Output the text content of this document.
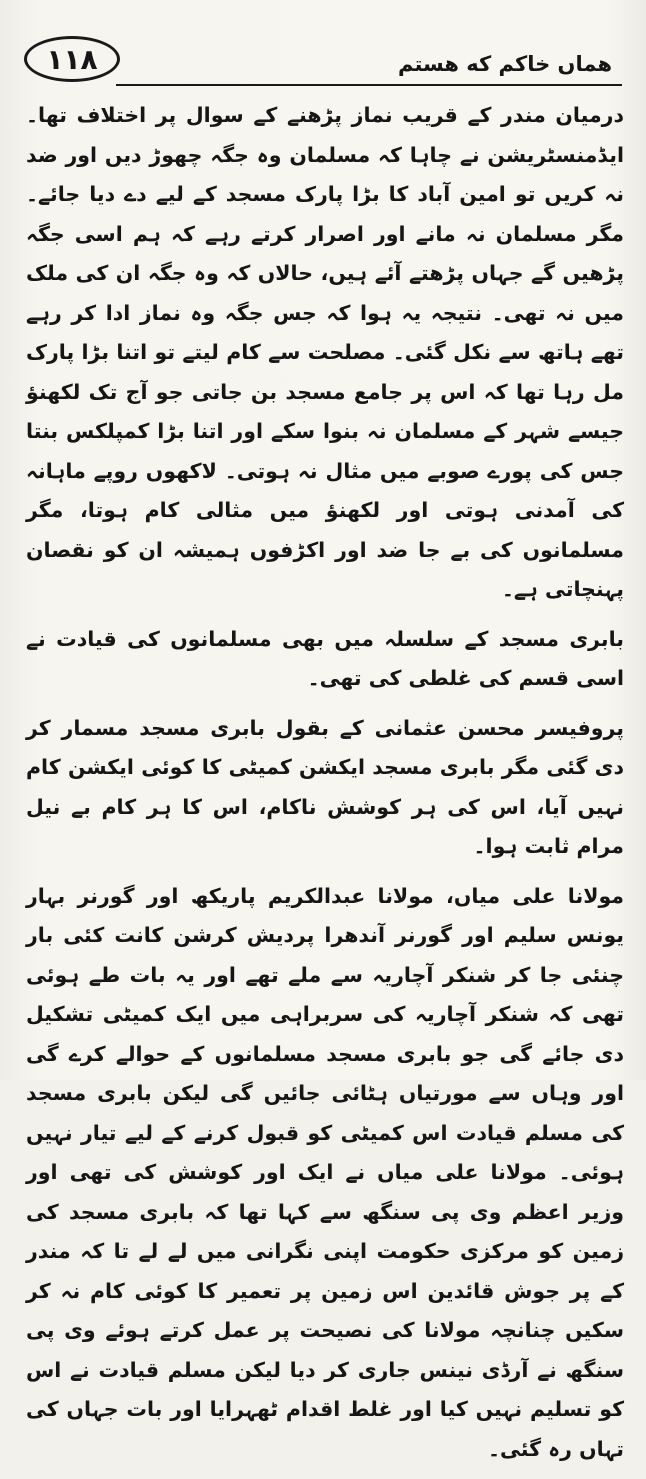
۱۱۸	هماں خاکم که هستم

درمیان مندر کے قریب نماز پڑھنے کے سوال پر اختلاف تھا۔ ایڈمنسٹریشن نے چاہا کہ مسلمان وہ جگہ چھوڑ دیں اور ضد نہ کریں تو امین آباد کا بڑا پارک مسجد کے لیے دے دیا جائے۔ مگر مسلمان نہ مانے اور اصرار کرتے رہے کہ ہم اسی جگہ پڑھیں گے جہاں پڑھتے آئے ہیں، حالاں کہ وہ جگہ ان کی ملک میں نہ تھی۔ نتیجہ یہ ہوا کہ جس جگہ وہ نماز ادا کر رہے تھے ہاتھ سے نکل گئی۔ مصلحت سے کام لیتے تو اتنا بڑا پارک مل رہا تھا کہ اس پر جامع مسجد بن جاتی جو آج تک لکھنؤ جیسے شہر کے مسلمان نہ بنوا سکے اور اتنا بڑا کمپلکس بنتا جس کی پورے صوبے میں مثال نہ ہوتی۔ لاکھوں روپے ماہانہ کی آمدنی ہوتی اور لکھنؤ میں مثالی کام ہوتا، مگر مسلمانوں کی بے جا ضد اور اکڑفوں ہمیشہ ان کو نقصان پہنچاتی ہے۔

بابری مسجد کے سلسلہ میں بھی مسلمانوں کی قیادت نے اسی قسم کی غلطی کی تھی۔

پروفیسر محسن عثمانی کے بقول بابری مسجد مسمار کر دی گئی مگر بابری مسجد ایکشن کمیٹی کا کوئی ایکشن کام نہیں آیا، اس کی ہر کوشش ناکام، اس کا ہر کام بے نیل مرام ثابت ہوا۔

مولانا علی میاں، مولانا عبدالکریم پاریکھ اور گورنر بہار یونس سلیم اور گورنر آندھرا پردیش کرشن کانت کئی بار چنئی جا کر شنکر آچاریہ سے ملے تھے اور یہ بات طے ہوئی تھی کہ شنکر آچاریہ کی سربراہی میں ایک کمیٹی تشکیل دی جائے گی جو بابری مسجد مسلمانوں کے حوالے کرے گی اور وہاں سے مورتیاں ہٹائی جائیں گی لیکن بابری مسجد کی مسلم قیادت اس کمیٹی کو قبول کرنے کے لیے تیار نہیں ہوئی۔ مولانا علی میاں نے ایک اور کوشش کی تھی اور وزیر اعظم وی پی سنگھ سے کہا تھا کہ بابری مسجد کی زمین کو مرکزی حکومت اپنی نگرانی میں لے لے تا کہ مندر کے پر جوش قائدین اس زمین پر تعمیر کا کوئی کام نہ کر سکیں چنانچہ مولانا کی نصیحت پر عمل کرتے ہوئے وی پی سنگھ نے آرڈی نینس جاری کر دیا لیکن مسلم قیادت نے اس کو تسلیم نہیں کیا اور غلط اقدام ٹھہرایا اور بات جہاں کی تہاں رہ گئی۔
